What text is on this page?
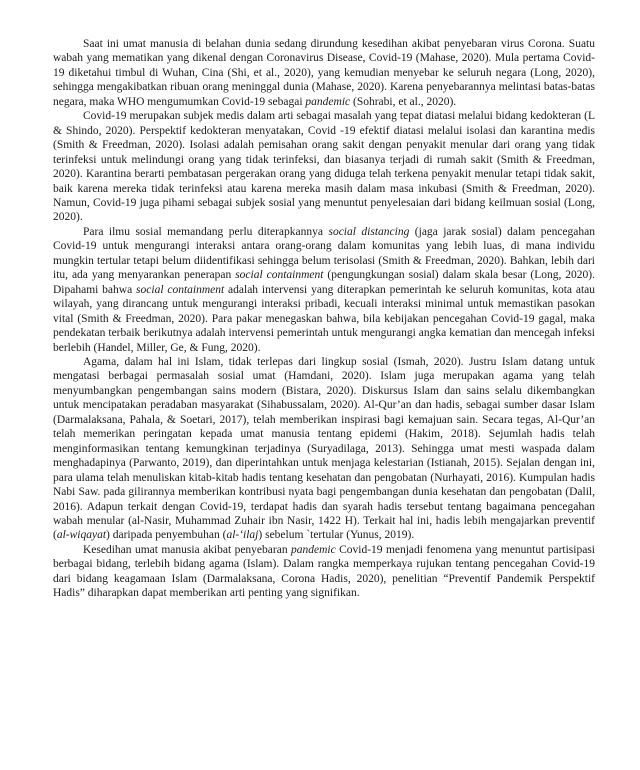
Saat ini umat manusia di belahan dunia sedang dirundung kesedihan akibat penyebaran virus Corona. Suatu wabah yang mematikan yang dikenal dengan Coronavirus Disease, Covid-19 (Mahase, 2020). Mula pertama Covid-19 diketahui timbul di Wuhan, Cina (Shi, et al., 2020), yang kemudian menyebar ke seluruh negara (Long, 2020), sehingga mengakibatkan ribuan orang meninggal dunia (Mahase, 2020). Karena penyebarannya melintasi batas-batas negara, maka WHO mengumumkan Covid-19 sebagai pandemic (Sohrabi, et al., 2020).

Covid-19 merupakan subjek medis dalam arti sebagai masalah yang tepat diatasi melalui bidang kedokteran (L & Shindo, 2020). Perspektif kedokteran menyatakan, Covid -19 efektif diatasi melalui isolasi dan karantina medis (Smith & Freedman, 2020). Isolasi adalah pemisahan orang sakit dengan penyakit menular dari orang yang tidak terinfeksi untuk melindungi orang yang tidak terinfeksi, dan biasanya terjadi di rumah sakit (Smith & Freedman, 2020). Karantina berarti pembatasan pergerakan orang yang diduga telah terkena penyakit menular tetapi tidak sakit, baik karena mereka tidak terinfeksi atau karena mereka masih dalam masa inkubasi (Smith & Freedman, 2020). Namun, Covid-19 juga pihami sebagai subjek sosial yang menuntut penyelesaian dari bidang keilmuan sosial (Long, 2020).

Para ilmu sosial memandang perlu diterapkannya social distancing (jaga jarak sosial) dalam pencegahan Covid-19 untuk mengurangi interaksi antara orang-orang dalam komunitas yang lebih luas, di mana individu mungkin tertular tetapi belum diidentifikasi sehingga belum terisolasi (Smith & Freedman, 2020). Bahkan, lebih dari itu, ada yang menyarankan penerapan social containment (pengungkungan sosial) dalam skala besar (Long, 2020). Dipahami bahwa social containment adalah intervensi yang diterapkan pemerintah ke seluruh komunitas, kota atau wilayah, yang dirancang untuk mengurangi interaksi pribadi, kecuali interaksi minimal untuk memastikan pasokan vital (Smith & Freedman, 2020). Para pakar menegaskan bahwa, bila kebijakan pencegahan Covid-19 gagal, maka pendekatan terbaik berikutnya adalah intervensi pemerintah untuk mengurangi angka kematian dan mencegah infeksi berlebih (Handel, Miller, Ge, & Fung, 2020).

Agama, dalam hal ini Islam, tidak terlepas dari lingkup sosial (Ismah, 2020). Justru Islam datang untuk mengatasi berbagai permasalah sosial umat (Hamdani, 2020). Islam juga merupakan agama yang telah menyumbangkan pengembangan sains modern (Bistara, 2020). Diskursus Islam dan sains selalu dikembangkan untuk mencipatakan peradaban masyarakat (Sihabussalam, 2020). Al-Qur’an dan hadis, sebagai sumber dasar Islam (Darmalaksana, Pahala, & Soetari, 2017), telah memberikan inspirasi bagi kemajuan sain. Secara tegas, Al-Qur’an telah memerikan peringatan kepada umat manusia tentang epidemi (Hakim, 2018). Sejumlah hadis telah menginformasikan tentang kemungkinan terjadinya (Suryadilaga, 2013). Sehingga umat mesti waspada dalam menghadapinya (Parwanto, 2019), dan diperintahkan untuk menjaga kelestarian (Istianah, 2015). Sejalan dengan ini, para ulama telah menuliskan kitab-kitab hadis tentang kesehatan dan pengobatan (Nurhayati, 2016). Kumpulan hadis Nabi Saw. pada gilirannya memberikan kontribusi nyata bagi pengembangan dunia kesehatan dan pengobatan (Dalil, 2016). Adapun terkait dengan Covid-19, terdapat hadis dan syarah hadis tersebut tentang bagaimana pencegahan wabah menular (al-Nasir, Muhammad Zuhair ibn Nasir, 1422 H). Terkait hal ini, hadis lebih mengajarkan preventif (al-wiqayat) daripada penyembuhan (al-‘ilaj) sebelum `tertular (Yunus, 2019).

Kesedihan umat manusia akibat penyebaran pandemic Covid-19 menjadi fenomena yang menuntut partisipasi berbagai bidang, terlebih bidang agama (Islam). Dalam rangka memperkaya rujukan tentang pencegahan Covid-19 dari bidang keagamaan Islam (Darmalaksana, Corona Hadis, 2020), penelitian “Preventif Pandemik Perspektif Hadis” diharapkan dapat memberikan arti penting yang signifikan.
